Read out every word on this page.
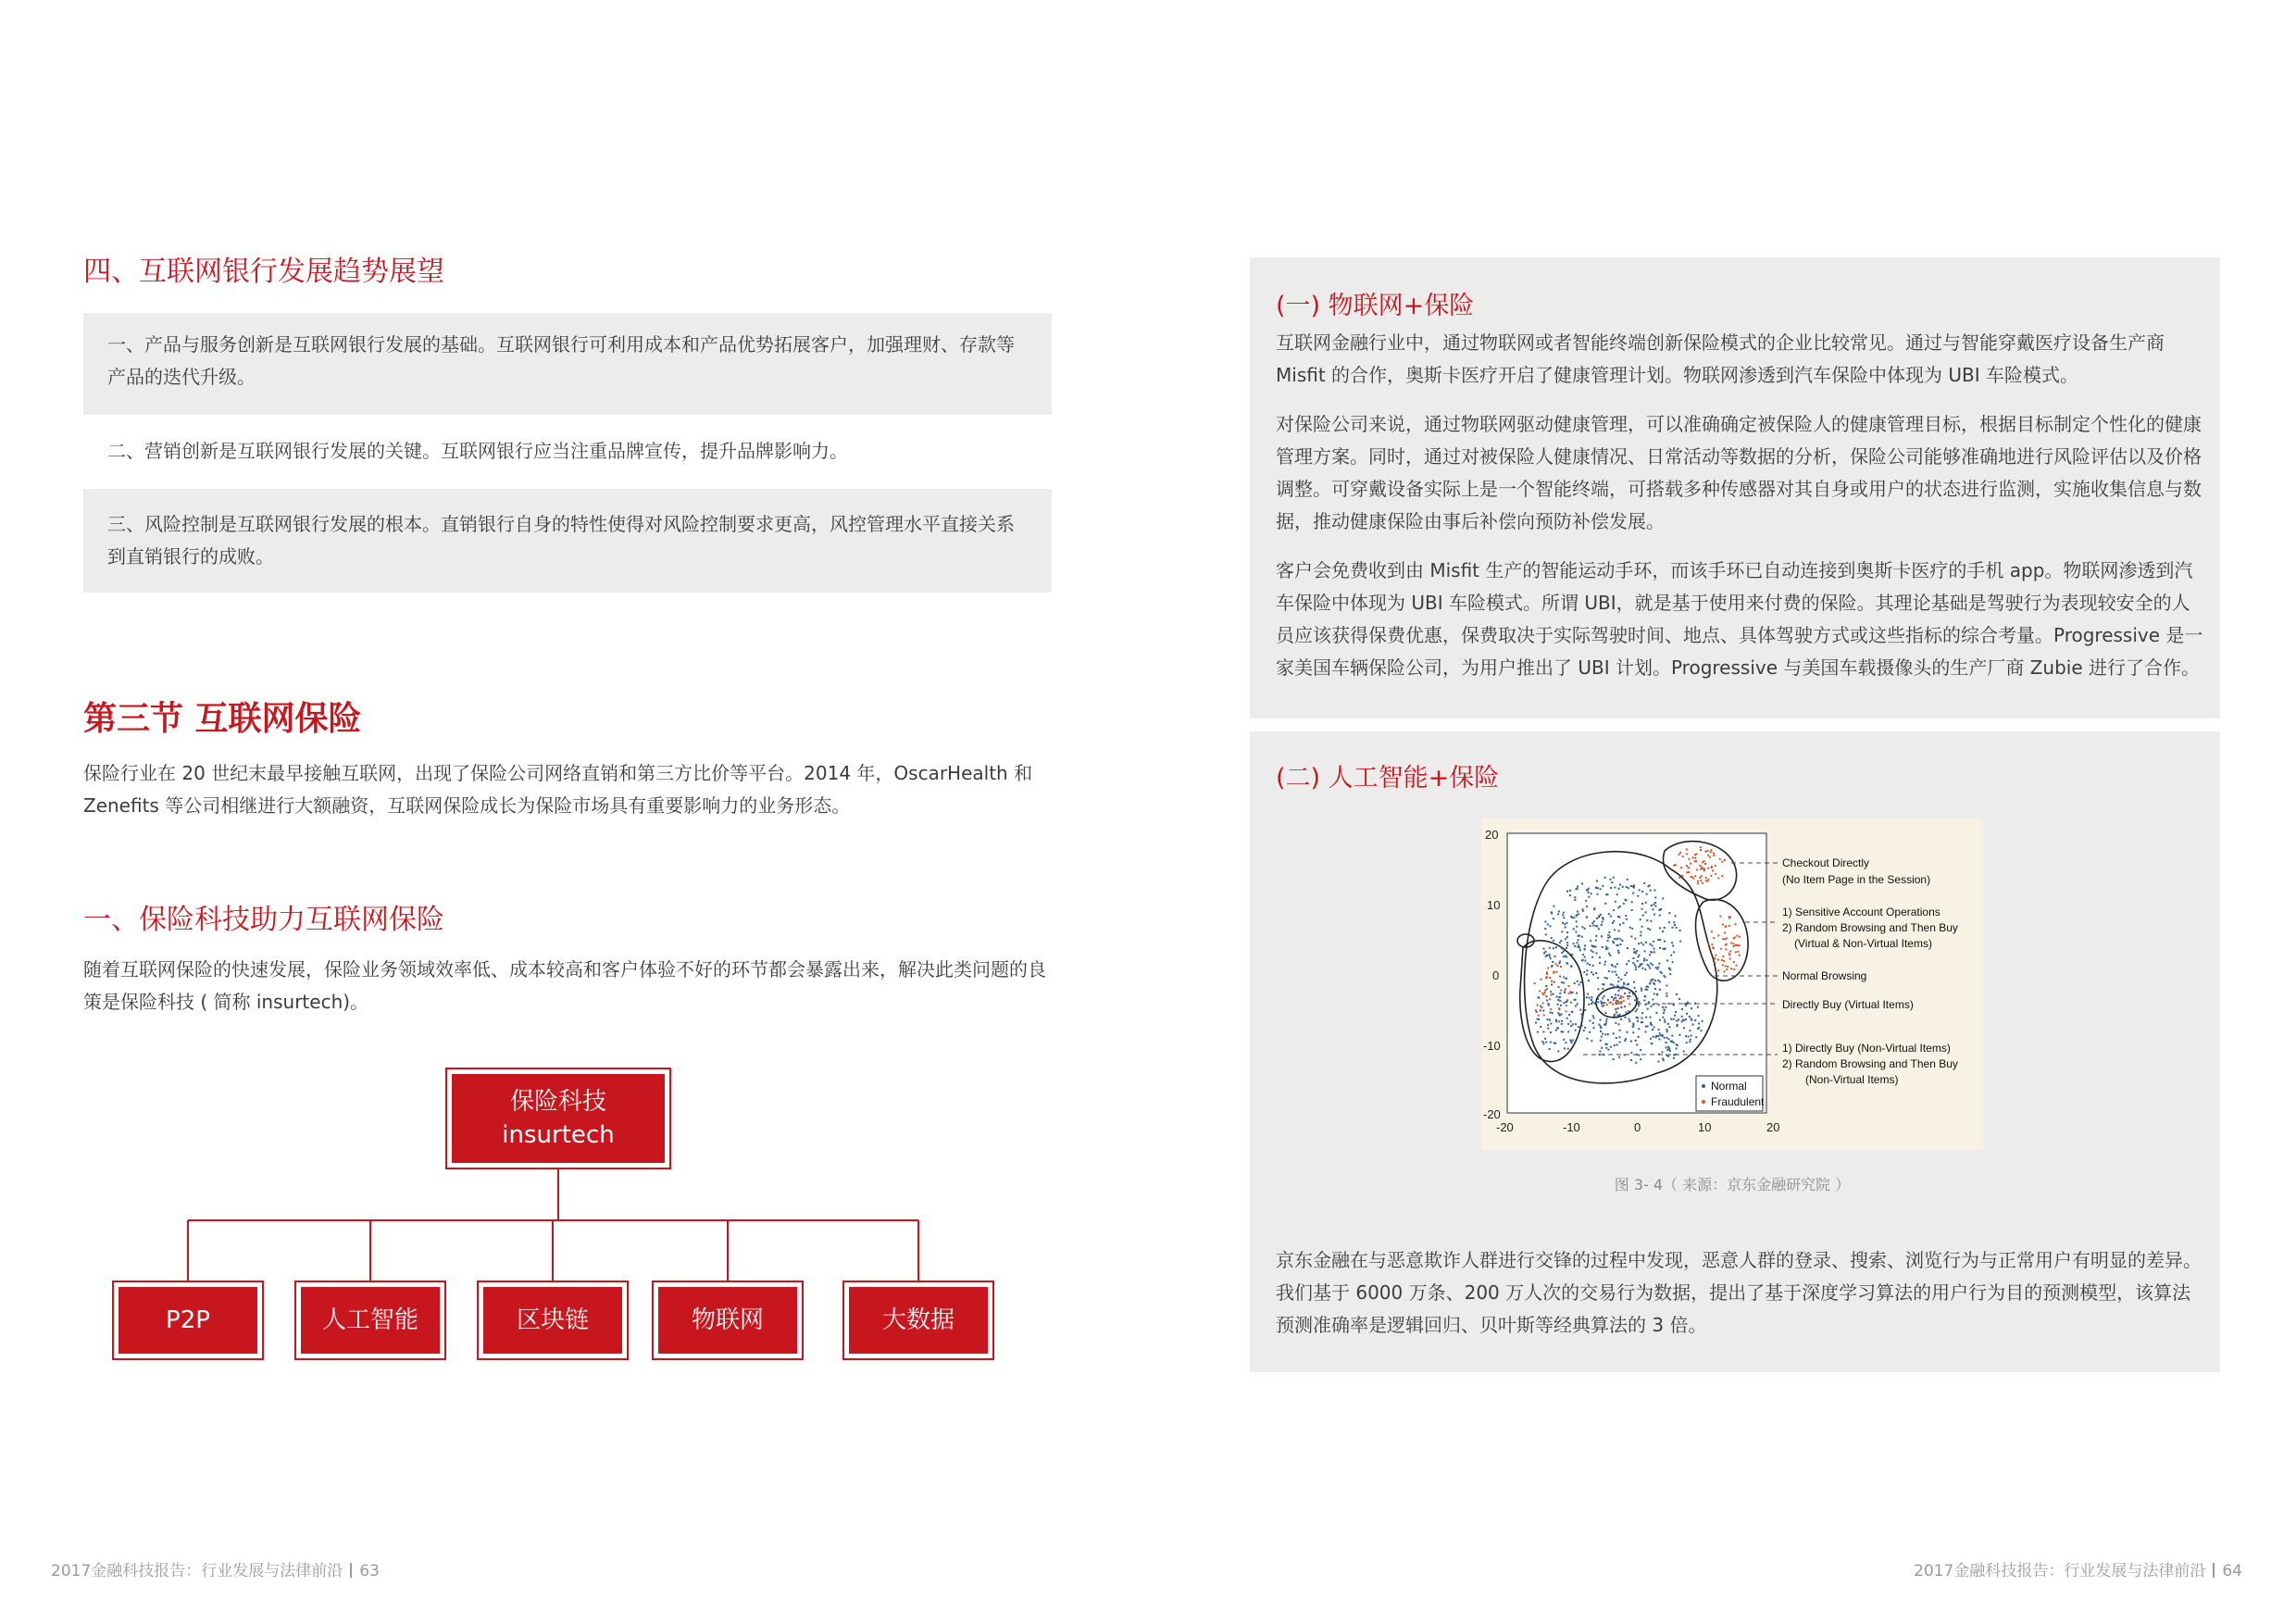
四、互联网银行发展趋势展望

一、产品与服务创新是互联网银行发展的基础。互联网银行可利用成本和产品优势拓展客户，加强理财、存款等产品的迭代升级。

二、营销创新是互联网银行发展的关键。互联网银行应当注重品牌宣传，提升品牌影响力。

三、风险控制是互联网银行发展的根本。直销银行自身的特性使得对风险控制要求更高，风控管理水平直接关系到直销银行的成败。

第三节 互联网保险

保险行业在 20 世纪末最早接触互联网，出现了保险公司网络直销和第三方比价等平台。2014 年，OscarHealth 和 Zenefits 等公司相继进行大额融资，互联网保险成长为保险市场具有重要影响力的业务形态。

一、保险科技助力互联网保险

随着互联网保险的快速发展，保险业务领域效率低、成本较高和客户体验不好的环节都会暴露出来，解决此类问题的良策是保险科技 ( 简称 insurtech)。

保险科技
insurtech
P2P	人工智能	区块链	物联网	大数据
2017金融科技报告：行业发展与法律前沿 63
(一) 物联网+保险

互联网金融行业中，通过物联网或者智能终端创新保险模式的企业比较常见。通过与智能穿戴医疗设备生产商 Misfit 的合作，奥斯卡医疗开启了健康管理计划。物联网渗透到汽车保险中体现为 UBI 车险模式。

对保险公司来说，通过物联网驱动健康管理，可以准确确定被保险人的健康管理目标，根据目标制定个性化的健康管理方案。同时，通过对被保险人健康情况、日常活动等数据的分析，保险公司能够准确地进行风险评估以及价格调整。可穿戴设备实际上是一个智能终端，可搭载多种传感器对其自身或用户的状态进行监测，实施收集信息与数据，推动健康保险由事后补偿向预防补偿发展。

客户会免费收到由 Misfit 生产的智能运动手环，而该手环已自动连接到奥斯卡医疗的手机 app。物联网渗透到汽车保险中体现为 UBI 车险模式。所谓 UBI，就是基于使用来付费的保险。其理论基础是驾驶行为表现较安全的人员应该获得保费优惠，保费取决于实际驾驶时间、地点、具体驾驶方式或这些指标的综合考量。Progressive 是一家美国车辆保险公司，为用户推出了 UBI 计划。Progressive 与美国车载摄像头的生产厂商 Zubie 进行了合作。

(二) 人工智能+保险
20
10
0
-10
-20
-20	-10	0	10	20
Checkout Directly
(No Item Page in the Session)
1) Sensitive Account Operations
2) Random Browsing and Then Buy
(Virtual & Non-Virtual Items)
Normal Browsing
Directly Buy (Virtual Items)
1) Directly Buy (Non-Virtual Items)
2) Random Browsing and Then Buy
(Non-Virtual Items)
Normal
Fraudulent
图 3- 4（ 来源：京东金融研究院 ）

京东金融在与恶意欺诈人群进行交锋的过程中发现，恶意人群的登录、搜索、浏览行为与正常用户有明显的差异。我们基于 6000 万条、200 万人次的交易行为数据，提出了基于深度学习算法的用户行为目的预测模型，该算法预测准确率是逻辑回归、贝叶斯等经典算法的 3 倍。

2017金融科技报告：行业发展与法律前沿 64
